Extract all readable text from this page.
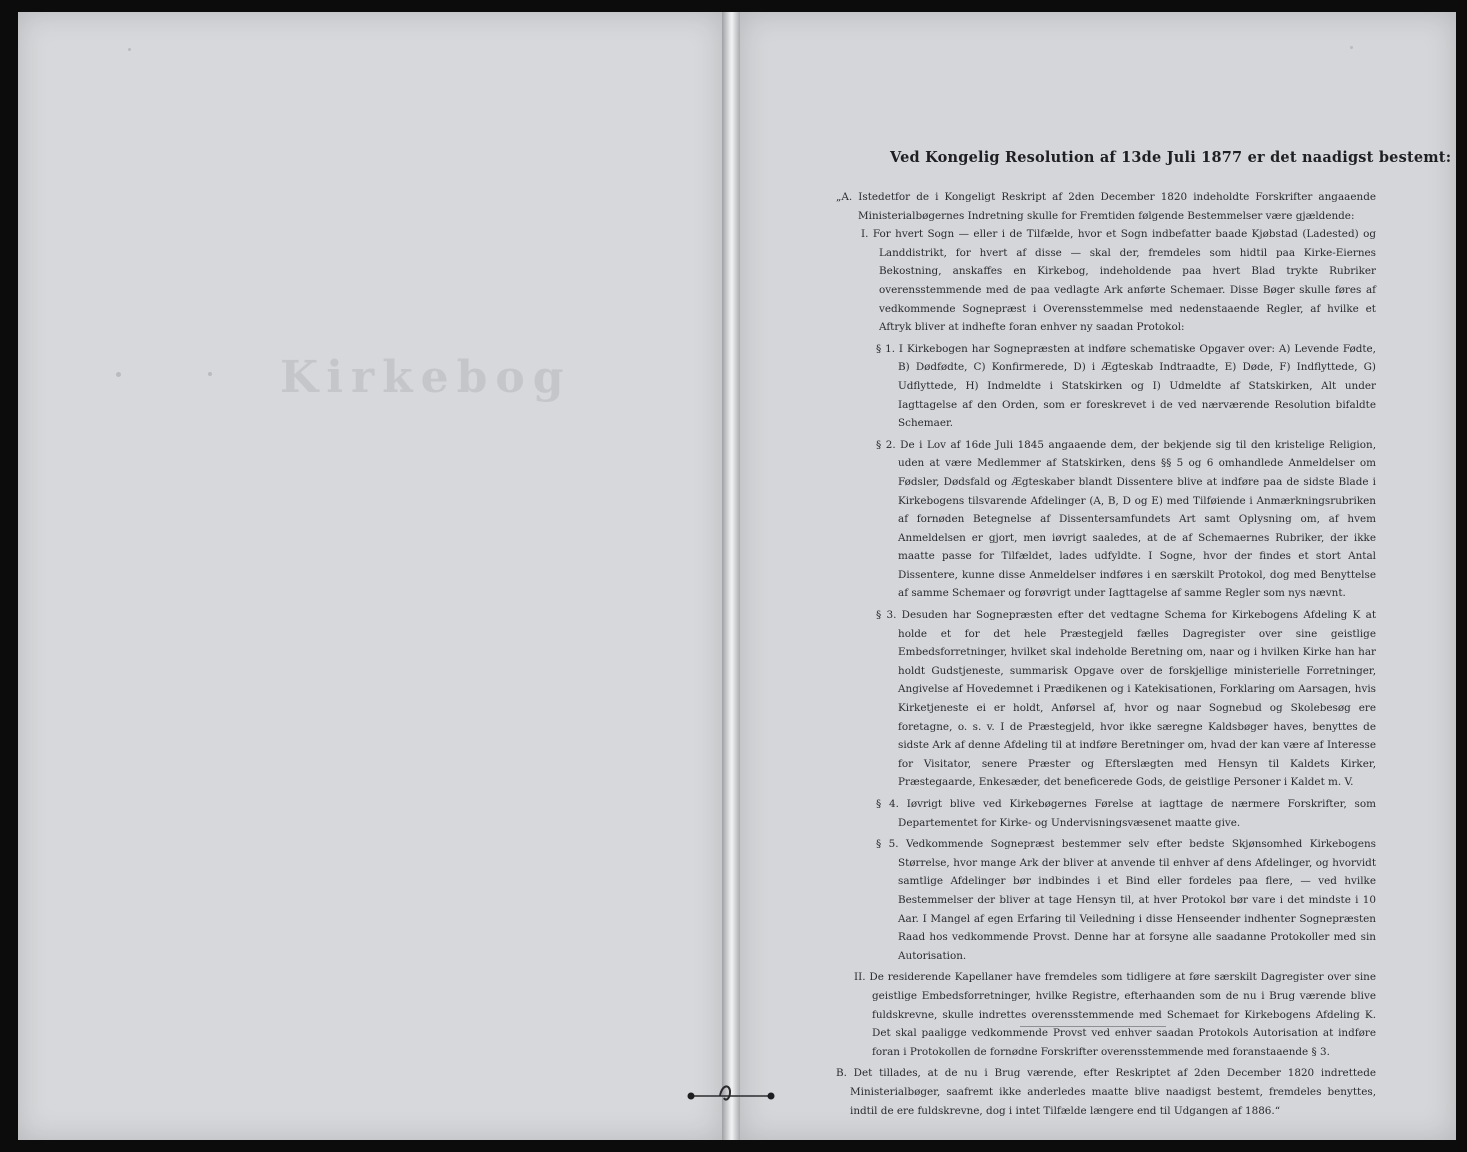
Kirkebog
Ved Kongelig Resolution af 13de Juli 1877 er det naadigst bestemt:
„A. Istedetfor de i Kongeligt Reskript af 2den December 1820 indeholdte Forskrifter angaaende Ministerialbøgernes Indretning skulle for Fremtiden følgende Bestemmelser være gjældende:
I. For hvert Sogn — eller i de Tilfælde, hvor et Sogn indbefatter baade Kjøbstad (Ladested) og Landdistrikt, for hvert af disse — skal der, fremdeles som hidtil paa Kirke-Eiernes Bekostning, anskaffes en Kirkebog, indeholdende paa hvert Blad trykte Rubriker overensstemmende med de paa vedlagte Ark anførte Schemaer. Disse Bøger skulle føres af vedkommende Sognepræst i Overensstemmelse med nedenstaaende Regler, af hvilke et Aftryk bliver at indhefte foran enhver ny saadan Protokol:
§ 1. I Kirkebogen har Sognepræsten at indføre schematiske Opgaver over: A) Levende Fødte, B) Dødfødte, C) Konfirmerede, D) i Ægteskab Indtraadte, E) Døde, F) Indflyttede, G) Udflyttede, H) Indmeldte i Statskirken og I) Udmeldte af Statskirken, Alt under Iagttagelse af den Orden, som er foreskrevet i de ved nærværende Resolution bifaldte Schemaer.
§ 2. De i Lov af 16de Juli 1845 angaaende dem, der bekjende sig til den kristelige Religion, uden at være Medlemmer af Statskirken, dens §§ 5 og 6 omhandlede Anmeldelser om Fødsler, Dødsfald og Ægteskaber blandt Dissentere blive at indføre paa de sidste Blade i Kirkebogens tilsvarende Afdelinger (A, B, D og E) med Tilføiende i Anmærkningsrubriken af fornøden Betegnelse af Dissentersamfundets Art samt Oplysning om, af hvem Anmeldelsen er gjort, men iøvrigt saaledes, at de af Schemaernes Rubriker, der ikke maatte passe for Tilfældet, lades udfyldte. I Sogne, hvor der findes et stort Antal Dissentere, kunne disse Anmeldelser indføres i en særskilt Protokol, dog med Benyttelse af samme Schemaer og forøvrigt under Iagttagelse af samme Regler som nys nævnt.
§ 3. Desuden har Sognepræsten efter det vedtagne Schema for Kirkebogens Afdeling K at holde et for det hele Præstegjeld fælles Dagregister over sine geistlige Embedsforretninger, hvilket skal indeholde Beretning om, naar og i hvilken Kirke han har holdt Gudstjeneste, summarisk Opgave over de forskjellige ministerielle Forretninger, Angivelse af Hovedemnet i Prædikenen og i Katekisationen, Forklaring om Aarsagen, hvis Kirketjeneste ei er holdt, Anførsel af, hvor og naar Sognebud og Skolebesøg ere foretagne, o. s. v. I de Præstegjeld, hvor ikke særegne Kaldsbøger haves, benyttes de sidste Ark af denne Afdeling til at indføre Beretninger om, hvad der kan være af Interesse for Visitator, senere Præster og Efterslægten med Hensyn til Kaldets Kirker, Præstegaarde, Enkesæder, det beneficerede Gods, de geistlige Personer i Kaldet m. V.
§ 4. Iøvrigt blive ved Kirkebøgernes Førelse at iagttage de nærmere Forskrifter, som Departementet for Kirke- og Undervisningsvæsenet maatte give.
§ 5. Vedkommende Sognepræst bestemmer selv efter bedste Skjønsomhed Kirkebogens Størrelse, hvor mange Ark der bliver at anvende til enhver af dens Afdelinger, og hvorvidt samtlige Afdelinger bør indbindes i et Bind eller fordeles paa flere, — ved hvilke Bestemmelser der bliver at tage Hensyn til, at hver Protokol bør vare i det mindste i 10 Aar. I Mangel af egen Erfaring til Veiledning i disse Henseender indhenter Sognepræsten Raad hos vedkommende Provst. Denne har at forsyne alle saadanne Protokoller med sin Autorisation.
II. De residerende Kapellaner have fremdeles som tidligere at føre særskilt Dagregister over sine geistlige Embedsforretninger, hvilke Registre, efterhaanden som de nu i Brug værende blive fuldskrevne, skulle indrettes overensstemmende med Schemaet for Kirkebogens Afdeling K. Det skal paaligge vedkommende Provst ved enhver saadan Protokols Autorisation at indføre foran i Protokollen de fornødne Forskrifter overensstemmende med foranstaaende § 3.
B. Det tillades, at de nu i Brug værende, efter Reskriptet af 2den December 1820 indrettede Ministerialbøger, saafremt ikke anderledes maatte blive naadigst bestemt, fremdeles benyttes, indtil de ere fuldskrevne, dog i intet Tilfælde længere end til Udgangen af 1886.“
